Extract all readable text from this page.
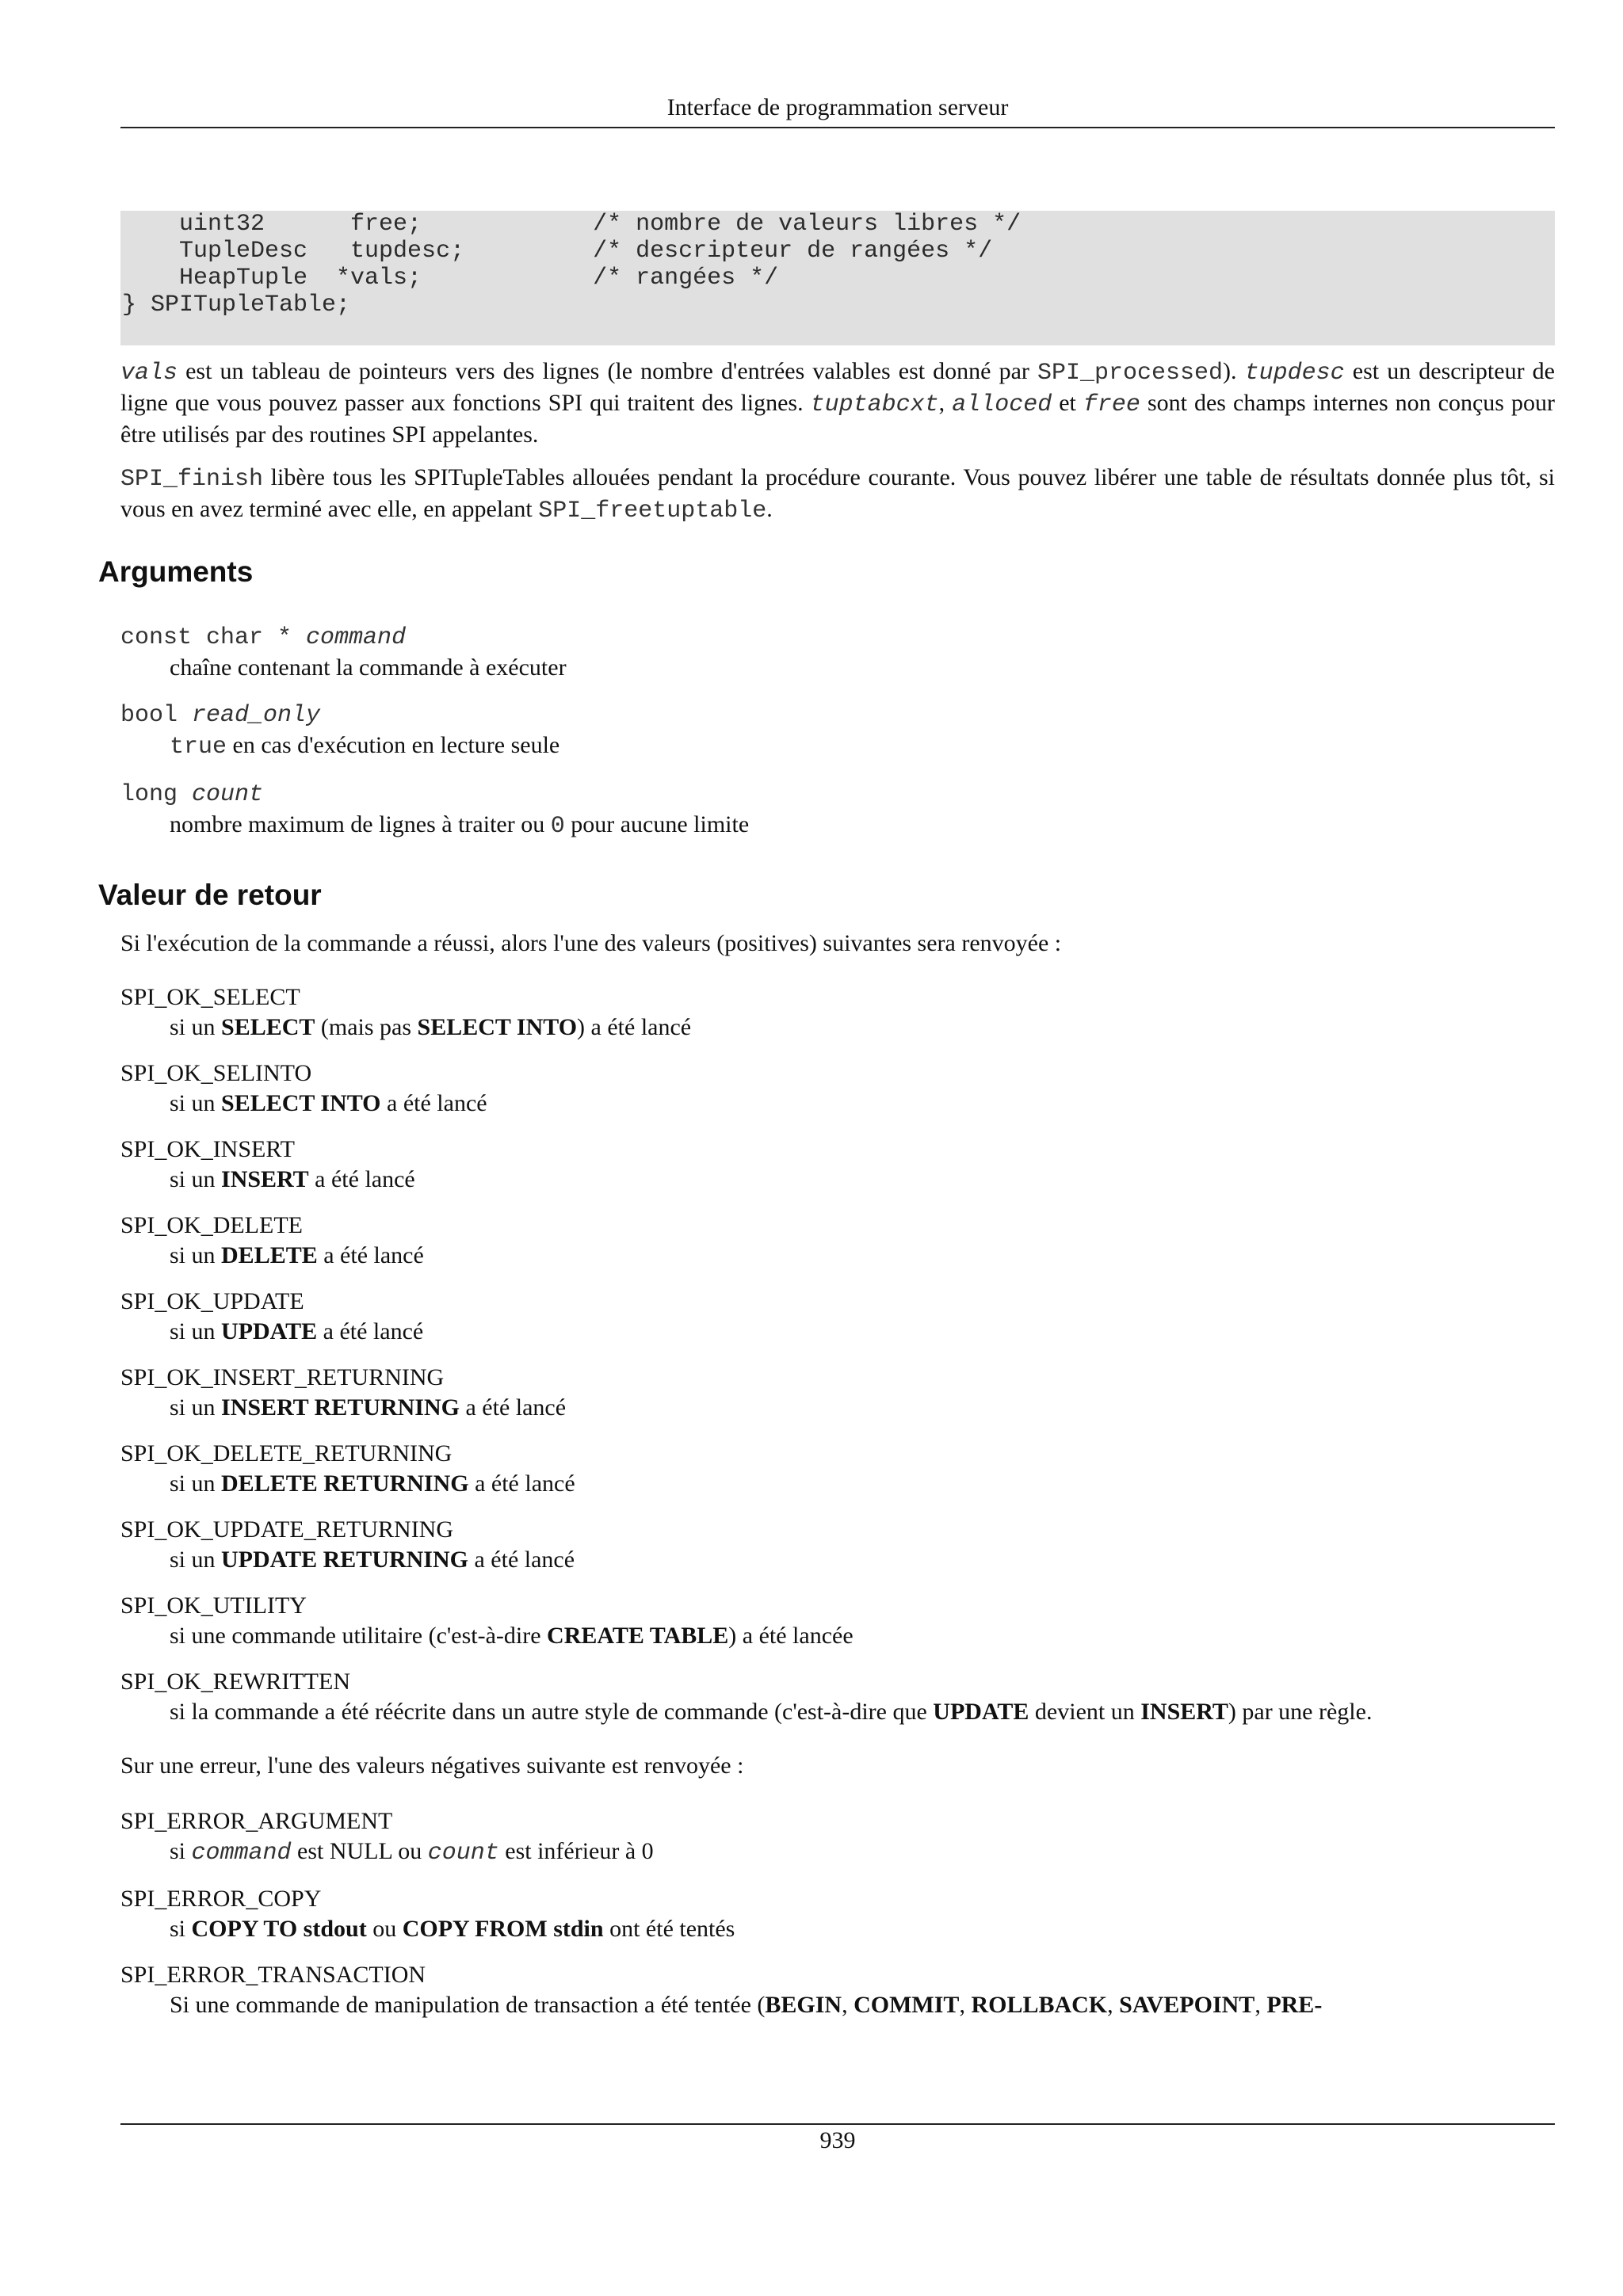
Interface de programmation serveur
uint32      free;            /* nombre de valeurs libres */
TupleDesc   tupdesc;         /* descripteur de rangées */
HeapTuple  *vals;            /* rangées */
} SPITupleTable;

vals est un tableau de pointeurs vers des lignes (le nombre d'entrées valables est donné par SPI_processed). tupdesc est un descripteur de ligne que vous pouvez passer aux fonctions SPI qui traitent des lignes. tuptabcxt, alloced et free sont des champs internes non conçus pour être utilisés par des routines SPI appelantes.

SPI_finish libère tous les SPITupleTables allouées pendant la procédure courante. Vous pouvez libérer une table de résultats donnée plus tôt, si vous en avez terminé avec elle, en appelant SPI_freetuptable.

Arguments
const char * command
chaîne contenant la commande à exécuter
bool read_only
true en cas d'exécution en lecture seule
long count
nombre maximum de lignes à traiter ou 0 pour aucune limite
Valeur de retour

Si l'exécution de la commande a réussi, alors l'une des valeurs (positives) suivantes sera renvoyée :

SPI_OK_SELECT
si un SELECT (mais pas SELECT INTO) a été lancé
SPI_OK_SELINTO
si un SELECT INTO a été lancé
SPI_OK_INSERT
si un INSERT a été lancé
SPI_OK_DELETE
si un DELETE a été lancé
SPI_OK_UPDATE
si un UPDATE a été lancé
SPI_OK_INSERT_RETURNING
si un INSERT RETURNING a été lancé
SPI_OK_DELETE_RETURNING
si un DELETE RETURNING a été lancé
SPI_OK_UPDATE_RETURNING
si un UPDATE RETURNING a été lancé
SPI_OK_UTILITY
si une commande utilitaire (c'est-à-dire CREATE TABLE) a été lancée
SPI_OK_REWRITTEN
si la commande a été réécrite dans un autre style de commande (c'est-à-dire que UPDATE devient un INSERT) par une règle.

Sur une erreur, l'une des valeurs négatives suivante est renvoyée :

SPI_ERROR_ARGUMENT
si command est NULL ou count est inférieur à 0
SPI_ERROR_COPY
si COPY TO stdout ou COPY FROM stdin ont été tentés
SPI_ERROR_TRANSACTION
Si une commande de manipulation de transaction a été tentée (BEGIN, COMMIT, ROLLBACK, SAVEPOINT, PRE-
939
